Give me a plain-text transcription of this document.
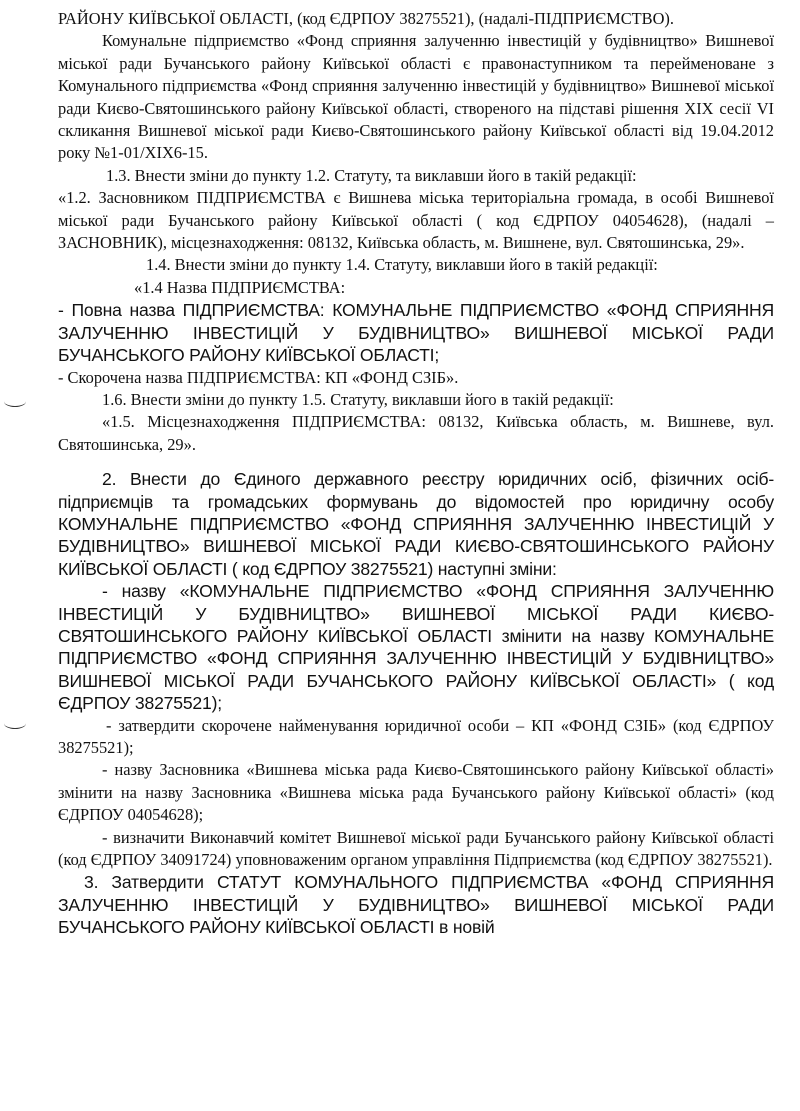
РАЙОНУ КИЇВСЬКОЇ ОБЛАСТІ, (код ЄДРПОУ 38275521), (надалі-ПІДПРИЄМСТВО).

Комунальне підприємство «Фонд сприяння залученню інвестицій у будівництво» Вишневої міської ради Бучанського району Київської області є правонаступником та перейменоване з Комунального підприємства «Фонд сприяння залученню інвестицій у будівництво» Вишневої міської ради Києво-Святошинського району Київської області, створеного на підставі рішення XIX сесії VI скликання Вишневої міської ради Києво-Святошинського району Київської області від 19.04.2012 року №1-01/XIX6-15.

1.3. Внести зміни до пункту 1.2. Статуту, та виклавши його в такій редакції:

«1.2. Засновником ПІДПРИЄМСТВА є Вишнева міська територіальна громада, в особі Вишневої міської ради Бучанського району Київської області ( код ЄДРПОУ 04054628), (надалі – ЗАСНОВНИК), місцезнаходження: 08132, Київська область, м. Вишнене, вул. Святошинська, 29».

1.4. Внести зміни до пункту 1.4. Статуту, виклавши його в такій редакції:

«1.4 Назва ПІДПРИЄМСТВА:

- Повна назва ПІДПРИЄМСТВА: КОМУНАЛЬНЕ ПІДПРИЄМСТВО «ФОНД СПРИЯННЯ ЗАЛУЧЕННЮ ІНВЕСТИЦІЙ У БУДІВНИЦТВО» ВИШНЕВОЇ МІСЬКОЇ РАДИ БУЧАНСЬКОГО РАЙОНУ КИЇВСЬКОЇ ОБЛАСТІ;

- Скорочена назва ПІДПРИЄМСТВА: КП «ФОНД СЗІБ».

1.6. Внести зміни до пункту 1.5. Статуту, виклавши його в такій редакції:

«1.5. Місцезнаходження ПІДПРИЄМСТВА: 08132, Київська область, м. Вишневе, вул. Святошинська, 29».

2. Внести до Єдиного державного реєстру юридичних осіб, фізичних осіб-підприємців та громадських формувань до відомостей про юридичну особу КОМУНАЛЬНЕ ПІДПРИЄМСТВО «ФОНД СПРИЯННЯ ЗАЛУЧЕННЮ ІНВЕСТИЦІЙ У БУДІВНИЦТВО» ВИШНЕВОЇ МІСЬКОЇ РАДИ КИЄВО-СВЯТОШИНСЬКОГО РАЙОНУ КИЇВСЬКОЇ ОБЛАСТІ ( код ЄДРПОУ 38275521) наступні зміни:

- назву «КОМУНАЛЬНЕ ПІДПРИЄМСТВО «ФОНД СПРИЯННЯ ЗАЛУЧЕННЮ ІНВЕСТИЦІЙ У БУДІВНИЦТВО» ВИШНЕВОЇ МІСЬКОЇ РАДИ КИЄВО-СВЯТОШИНСЬКОГО РАЙОНУ КИЇВСЬКОЇ ОБЛАСТІ змінити на назву КОМУНАЛЬНЕ ПІДПРИЄМСТВО «ФОНД СПРИЯННЯ ЗАЛУЧЕННЮ ІНВЕСТИЦІЙ У БУДІВНИЦТВО» ВИШНЕВОЇ МІСЬКОЇ РАДИ БУЧАНСЬКОГО РАЙОНУ КИЇВСЬКОЇ ОБЛАСТІ» ( код ЄДРПОУ 38275521);

- затвердити скорочене найменування юридичної особи – КП «ФОНД СЗІБ» (код ЄДРПОУ 38275521);

- назву Засновника «Вишнева міська рада Києво-Святошинського району Київської області» змінити на назву Засновника «Вишнева міська рада Бучанського району Київської області» (код ЄДРПОУ 04054628);

- визначити Виконавчий комітет Вишневої міської ради Бучанського району Київської області (код ЄДРПОУ 34091724) уповноваженим органом управління Підприємства (код ЄДРПОУ 38275521).

3. Затвердити СТАТУТ КОМУНАЛЬНОГО ПІДПРИЄМСТВА «ФОНД СПРИЯННЯ ЗАЛУЧЕННЮ ІНВЕСТИЦІЙ У БУДІВНИЦТВО» ВИШНЕВОЇ МІСЬКОЇ РАДИ БУЧАНСЬКОГО РАЙОНУ КИЇВСЬКОЇ ОБЛАСТІ в новій
